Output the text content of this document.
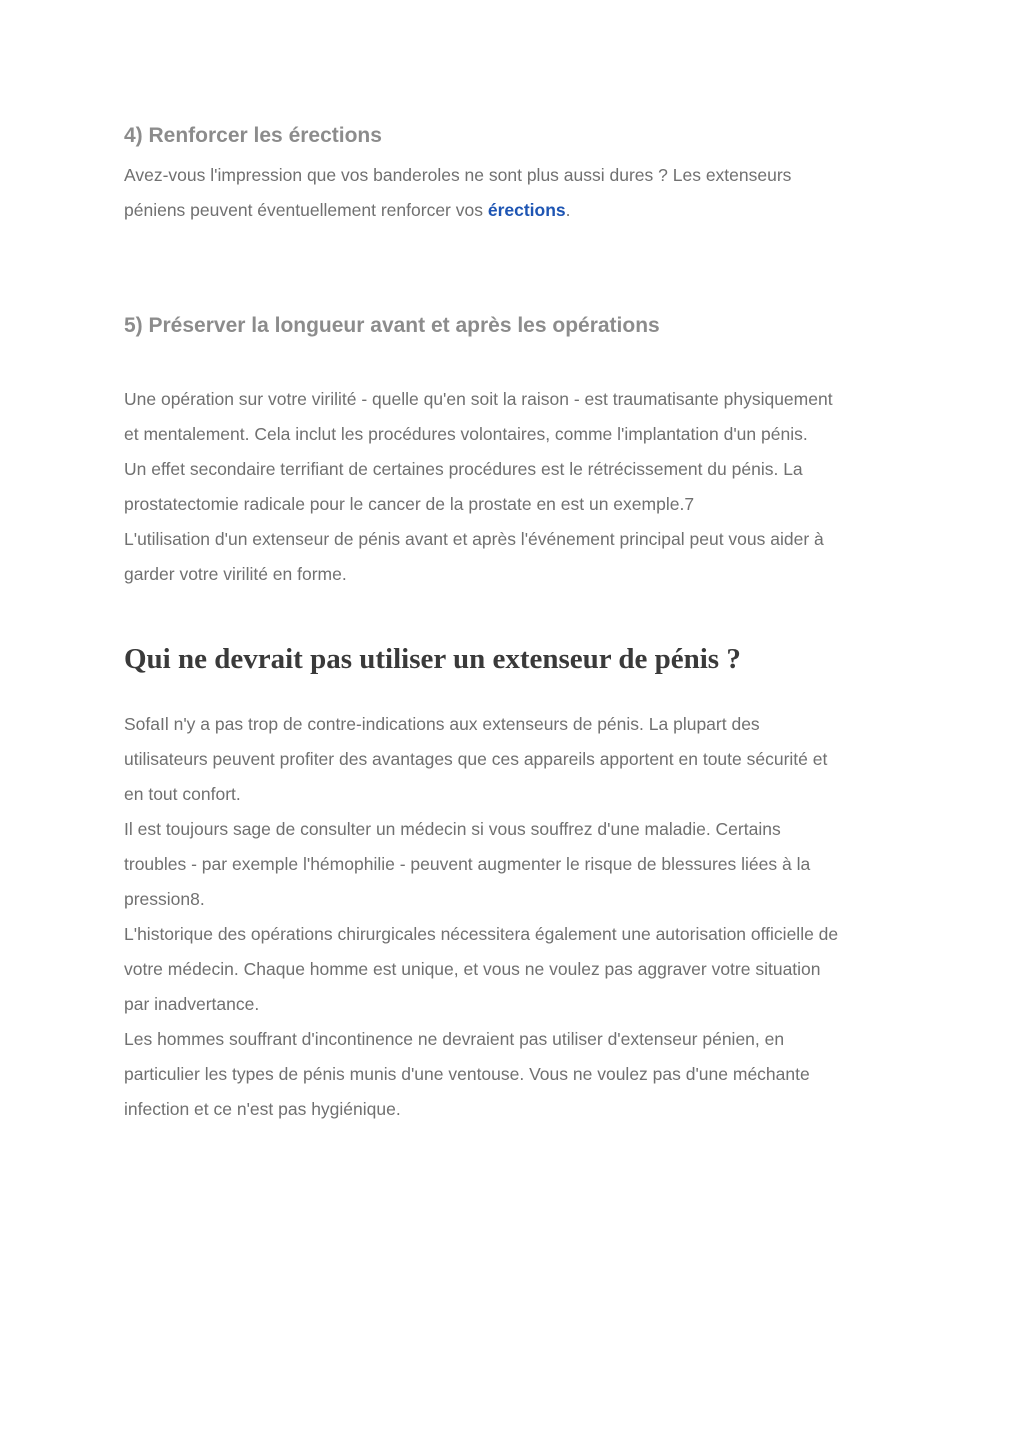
4) Renforcer les érections
Avez-vous l'impression que vos banderoles ne sont plus aussi dures ? Les extenseurs
péniens peuvent éventuellement renforcer vos érections.
5) Préserver la longueur avant et après les opérations
Une opération sur votre virilité - quelle qu'en soit la raison - est traumatisante physiquement
et mentalement. Cela inclut les procédures volontaires, comme l'implantation d'un pénis.
Un effet secondaire terrifiant de certaines procédures est le rétrécissement du pénis. La
prostatectomie radicale pour le cancer de la prostate en est un exemple.7
L'utilisation d'un extenseur de pénis avant et après l'événement principal peut vous aider à
garder votre virilité en forme.
Qui ne devrait pas utiliser un extenseur de pénis ?
SofaIl n'y a pas trop de contre-indications aux extenseurs de pénis. La plupart des
utilisateurs peuvent profiter des avantages que ces appareils apportent en toute sécurité et
en tout confort.
Il est toujours sage de consulter un médecin si vous souffrez d'une maladie. Certains
troubles - par exemple l'hémophilie - peuvent augmenter le risque de blessures liées à la
pression8.
L'historique des opérations chirurgicales nécessitera également une autorisation officielle de
votre médecin. Chaque homme est unique, et vous ne voulez pas aggraver votre situation
par inadvertance.
Les hommes souffrant d'incontinence ne devraient pas utiliser d'extenseur pénien, en
particulier les types de pénis munis d'une ventouse. Vous ne voulez pas d'une méchante
infection et ce n'est pas hygiénique.
